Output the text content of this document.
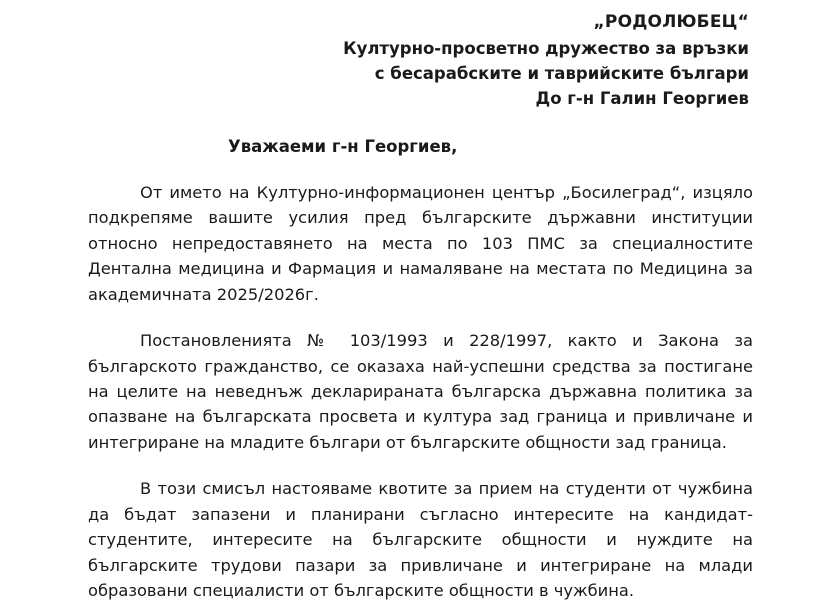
„РОДОЛЮБЕЦ“
Културно-просветно дружество за връзки
с бесарабските и таврийските българи
До г-н Галин Георгиев
Уважаеми г-н Георгиев,

От името на Културно-информационен център „Босилеград“, изцяло подкрепяме вашите усилия пред българските държавни институции относно непредоставянето на места по 103 ПМС за специалностите Дентална медицина и Фармация и намаляване на местата по Медицина за академичната 2025/2026г.

Постановленията № 103/1993 и 228/1997, както и Закона за българското гражданство, се оказаха най-успешни средства за постигане на целите на неведнъж декларираната българска държавна политика за опазване на българската просвета и култура зад граница и привличане и интегриране на младите българи от българските общности зад граница.

В този смисъл настояваме квотите за прием на студенти от чужбина да бъдат запазени и планирани съгласно интересите на кандидат-студентите, интересите на българските общности и нуждите на българските трудови пазари за привличане и интегриране на млади образовани специалисти от българските общности в чужбина.
